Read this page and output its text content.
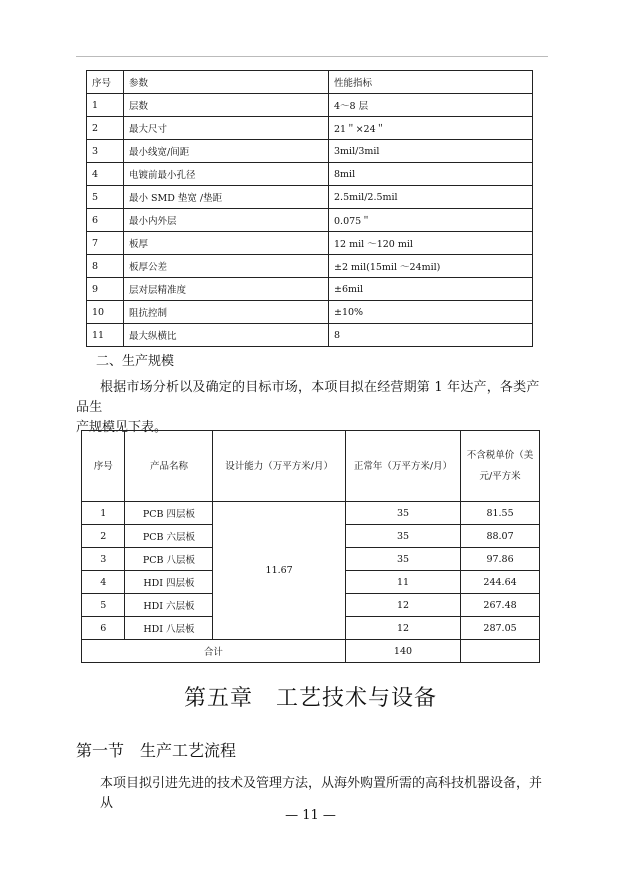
序号	参数	性能指标
1	层数	4～8 层
2	最大尺寸	21＂×24＂
3	最小线宽/间距	3mil/3mil
4	电镀前最小孔径	8mil
5	最小 SMD 垫宽 /垫距	2.5mil/2.5mil
6	最小内外层	0.075＂
7	板厚	12 mil ～120 mil
8	板厚公差	±2 mil(15mil ～24mil)
9	层对层精准度	±6mil
10	阻抗控制	±10%
11	最大纵横比	8
二、生产规模
根据市场分析以及确定的目标市场，本项目拟在经营期第 1 年达产，各类产品生
产规模见下表。
序号	产品名称	设计能力（万平方米/月）	正常年（万平方米/月）	不含税单价（美元/平方米
1	PCB 四层板	11.67	35	81.55
2	PCB 六层板		35	88.07
3	PCB 八层板		35	97.86
4	HDI 四层板		11	244.64
5	HDI 六层板		12	267.48
6	HDI 八层板		12	287.05
合计			140	
第五章　工艺技术与设备
第一节　生产工艺流程
本项目拟引进先进的技术及管理方法，从海外购置所需的高科技机器设备，并从
— 11 —
